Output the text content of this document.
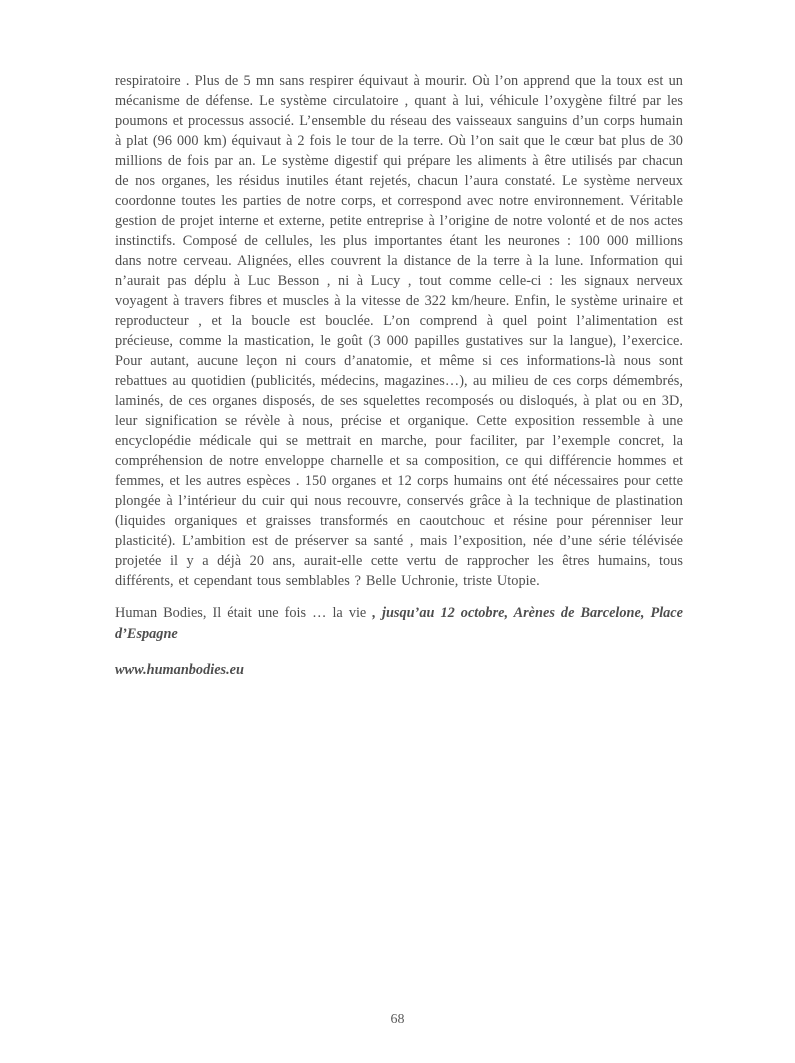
respiratoire . Plus de 5 mn sans respirer équivaut à mourir. Où l’on apprend que la toux est un mécanisme de défense. Le système circulatoire , quant à lui, véhicule l’oxygène filtré par les poumons et processus associé. L’ensemble du réseau des vaisseaux sanguins d’un corps humain à plat (96 000 km) équivaut à 2 fois le tour de la terre. Où l’on sait que le cœur bat plus de 30 millions de fois par an. Le système digestif qui prépare les aliments à être utilisés par chacun de nos organes, les résidus inutiles étant rejetés, chacun l’aura constaté. Le système nerveux coordonne toutes les parties de notre corps, et correspond avec notre environnement. Véritable gestion de projet interne et externe, petite entreprise à l’origine de notre volonté et de nos actes instinctifs. Composé de cellules, les plus importantes étant les neurones : 100 000 millions dans notre cerveau. Alignées, elles couvrent la distance de la terre à la lune. Information qui n’aurait pas déplu à Luc Besson , ni à Lucy , tout comme celle-ci : les signaux nerveux voyagent à travers fibres et muscles à la vitesse de 322 km/heure. Enfin, le système urinaire et reproducteur , et la boucle est bouclée. L’on comprend à quel point l’alimentation est précieuse, comme la mastication, le goût (3 000 papilles gustatives sur la langue), l’exercice. Pour autant, aucune leçon ni cours d’anatomie, et même si ces informations-là nous sont rebattues au quotidien (publicités, médecins, magazines…), au milieu de ces corps démembrés, laminés, de ces organes disposés, de ses squelettes recomposés ou disloqués, à plat ou en 3D, leur signification se révèle à nous, précise et organique. Cette exposition ressemble à une encyclopédie médicale qui se mettrait en marche, pour faciliter, par l’exemple concret, la compréhension de notre enveloppe charnelle et sa composition, ce qui différencie hommes et femmes, et les autres espèces . 150 organes et 12 corps humains ont été nécessaires pour cette plongée à l’intérieur du cuir qui nous recouvre, conservés grâce à la technique de plastination (liquides organiques et graisses transformés en caoutchouc et résine pour pérenniser leur plasticité). L’ambition est de préserver sa santé , mais l’exposition, née d’une série télévisée projetée il y a déjà 20 ans, aurait-elle cette vertu de rapprocher les êtres humains, tous différents, et cependant tous semblables ? Belle Uchronie, triste Utopie.

Human Bodies, Il était une fois … la vie , jusqu’au 12 octobre, Arènes de Barcelone, Place d’Espagne

www.humanbodies.eu

68
